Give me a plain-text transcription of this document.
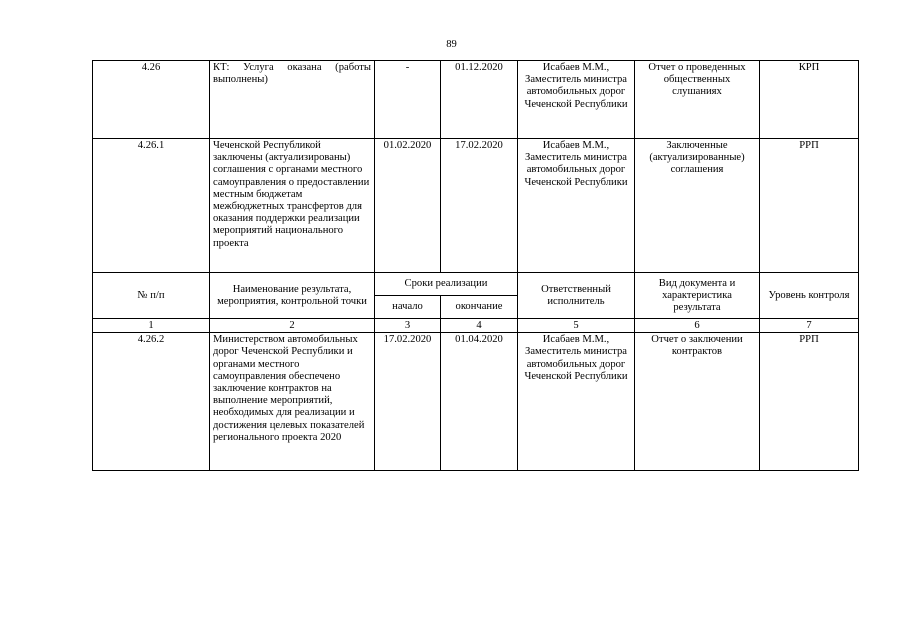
89
4.26	КТ: Услуга оказана (работы выполнены)	-	01.12.2020	Исабаев М.М., Заместитель министра автомобильных дорог Чеченской Республики	Отчет о проведенных общественных слушаниях	КРП
4.26.1	Чеченской Республикой заключены (актуализированы) соглашения с органами местного самоуправления о предоставлении местным бюджетам межбюджетных трансфертов для оказания поддержки реализации мероприятий национального проекта	01.02.2020	17.02.2020	Исабаев М.М., Заместитель министра автомобильных дорог Чеченской Республики	Заключенные (актуализированные) соглашения	РРП
№ п/п	Наименование результата, мероприятия, контрольной точки	Сроки реализации		Ответственный исполнитель	Вид документа и характеристика результата	Уровень контроля
		начало	окончание			
1	2	3	4	5	6	7

4.26.2	Министерством автомобильных дорог Чеченской Республики и органами местного самоуправления обеспечено заключение контрактов на выполнение мероприятий, необходимых для реализации и достижения целевых показателей регионального проекта 2020	17.02.2020	01.04.2020	Исабаев М.М., Заместитель министра автомобильных дорог Чеченской Республики	Отчет о заключении контрактов	РРП
